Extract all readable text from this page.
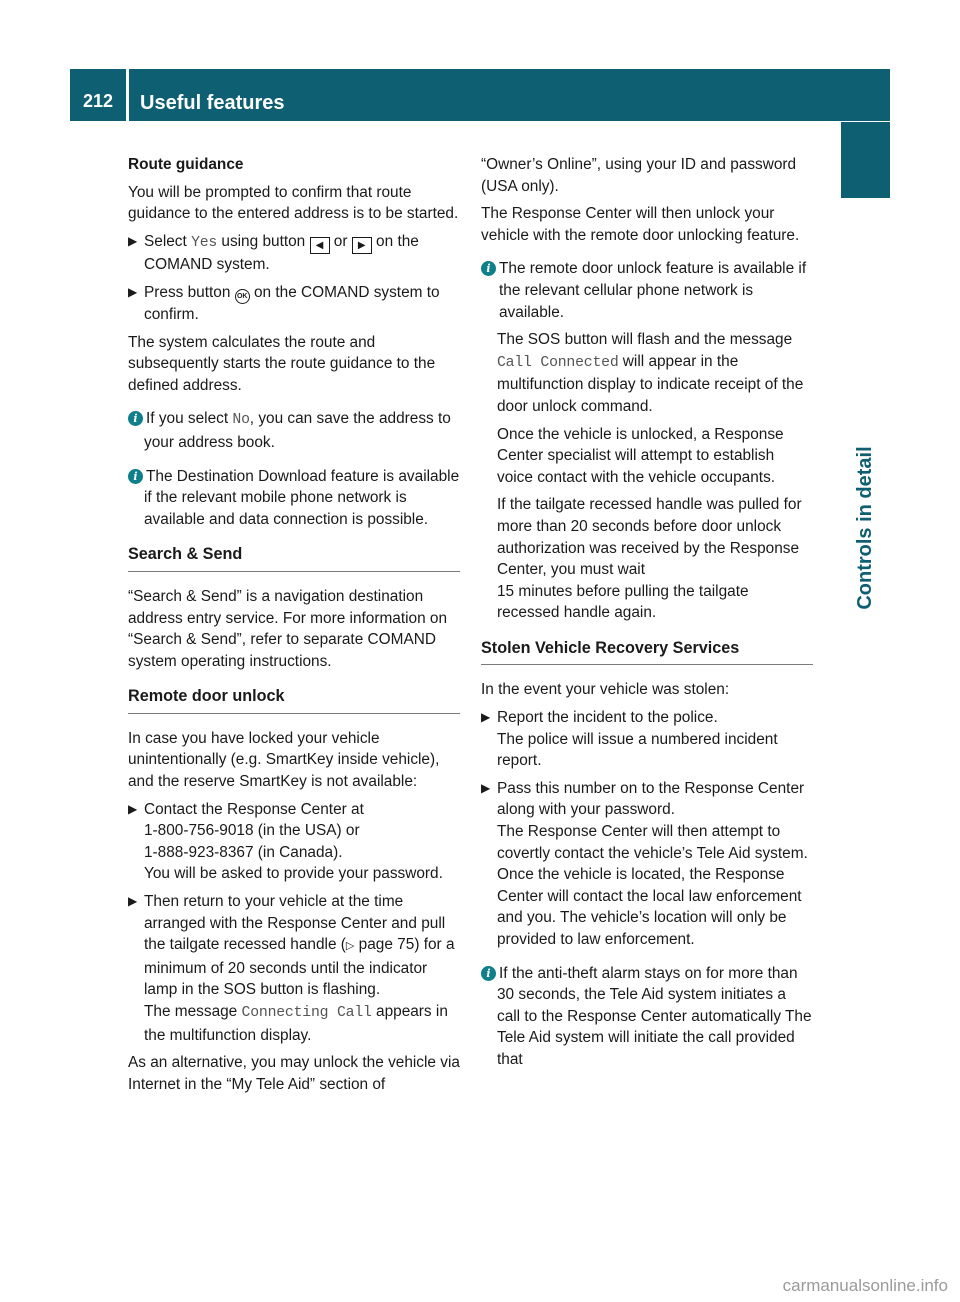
212	Useful features
Controls in detail
Route guidance

You will be prompted to confirm that route guidance to the entered address is to be started.

▶ Select Yes using button ◀ or ▶ on the COMAND system.
▶ Press button OK on the COMAND system to confirm.

The system calculates the route and subsequently starts the route guidance to the defined address.

i If you select No, you can save the address to your address book.
i The Destination Download feature is available if the relevant mobile phone network is available and data connection is possible.
Search & Send

“Search & Send” is a navigation destination address entry service. For more information on “Search & Send”, refer to separate COMAND system operating instructions.

Remote door unlock

In case you have locked your vehicle unintentionally (e.g. SmartKey inside vehicle), and the reserve SmartKey is not available:

▶ Contact the Response Center at
1-800-756-9018 (in the USA) or
1-888-923-8367 (in Canada).
You will be asked to provide your password.
▶ Then return to your vehicle at the time arranged with the Response Center and pull the tailgate recessed handle (▷ page 75) for a minimum of 20 seconds until the indicator lamp in the SOS button is flashing.
The message Connecting Call appears in the multifunction display.

As an alternative, you may unlock the vehicle via Internet in the “My Tele Aid” section of

“Owner’s Online”, using your ID and password (USA only).

The Response Center will then unlock your vehicle with the remote door unlocking feature.

i The remote door unlock feature is available if the relevant cellular phone network is available.

The SOS button will flash and the message Call Connected will appear in the multifunction display to indicate receipt of the door unlock command.

Once the vehicle is unlocked, a Response Center specialist will attempt to establish voice contact with the vehicle occupants.

If the tailgate recessed handle was pulled for more than 20 seconds before door unlock authorization was received by the Response Center, you must wait
15 minutes before pulling the tailgate recessed handle again.

Stolen Vehicle Recovery Services

In the event your vehicle was stolen:

▶ Report the incident to the police.
The police will issue a numbered incident report.
▶ Pass this number on to the Response Center along with your password.
The Response Center will then attempt to covertly contact the vehicle’s Tele Aid system. Once the vehicle is located, the Response Center will contact the local law enforcement and you. The vehicle’s location will only be provided to law enforcement.
i If the anti-theft alarm stays on for more than 30 seconds, the Tele Aid system initiates a call to the Response Center automatically The Tele Aid system will initiate the call provided that
carmanualsonline.info
